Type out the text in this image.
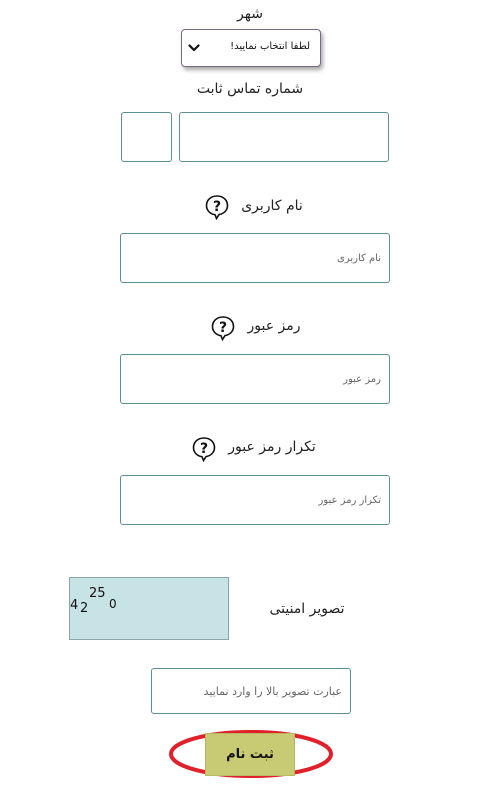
شهر
لطفا انتخاب نمایید!
شماره تماس ثابت
نام کاربری
?
نام کاربری
رمز عبور
?
تکرار رمز عبور
?
تصویر امنیتی
4 2
25
0
عبارت تصویر بالا را وارد نمایید
ثبت نام
